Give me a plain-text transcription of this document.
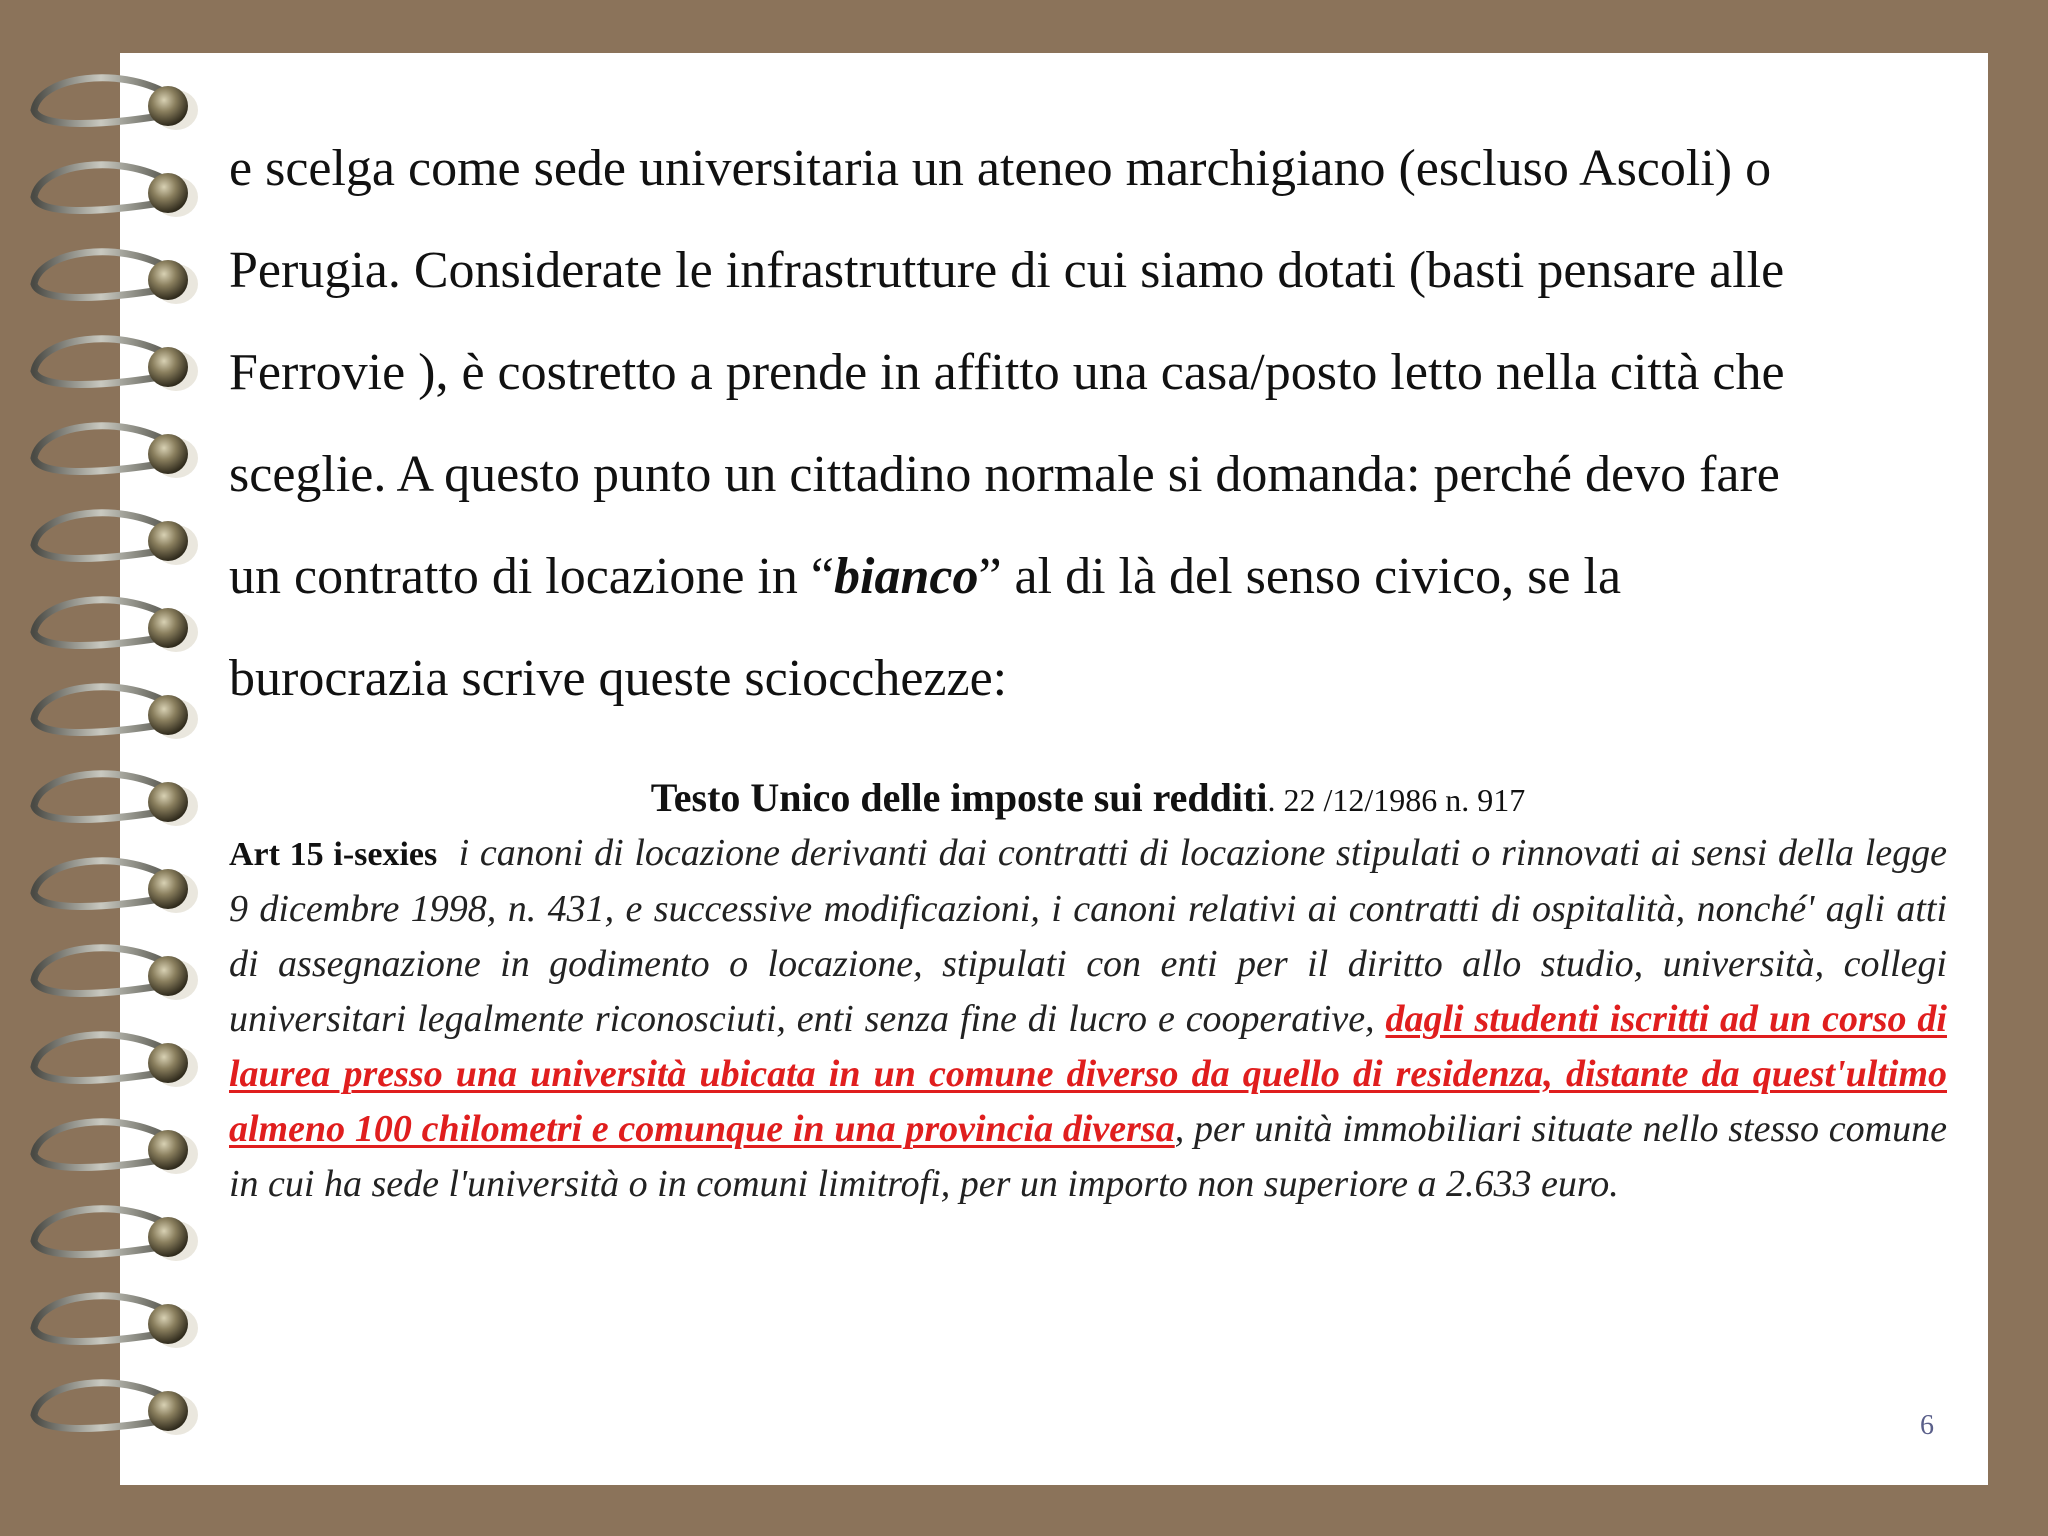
e scelga come sede universitaria un ateneo marchigiano (escluso Ascoli) o
Perugia. Considerate le infrastrutture di cui siamo dotati (basti pensare alle
Ferrovie ), è costretto a prende in affitto una casa/posto letto nella città che
sceglie. A questo punto un cittadino normale si domanda: perché devo fare
un contratto di locazione in “bianco” al di là del senso civico, se la
burocrazia scrive queste sciocchezze:
Testo Unico delle imposte sui redditi. 22 /12/1986 n. 917
Art 15 i-sexies i canoni di locazione derivanti dai contratti di locazione stipulati o rinnovati ai sensi della legge 9 dicembre 1998, n. 431, e successive modificazioni, i canoni relativi ai contratti di ospitalità, nonché' agli atti di assegnazione in godimento o locazione, stipulati con enti per il diritto allo studio, università, collegi universitari legalmente riconosciuti, enti senza fine di lucro e cooperative, dagli studenti iscritti ad un corso di laurea presso una università ubicata in un comune diverso da quello di residenza, distante da quest'ultimo almeno 100 chilometri e comunque in una provincia diversa, per unità immobiliari situate nello stesso comune in cui ha sede l'università o in comuni limitrofi, per un importo non superiore a 2.633 euro.
6
